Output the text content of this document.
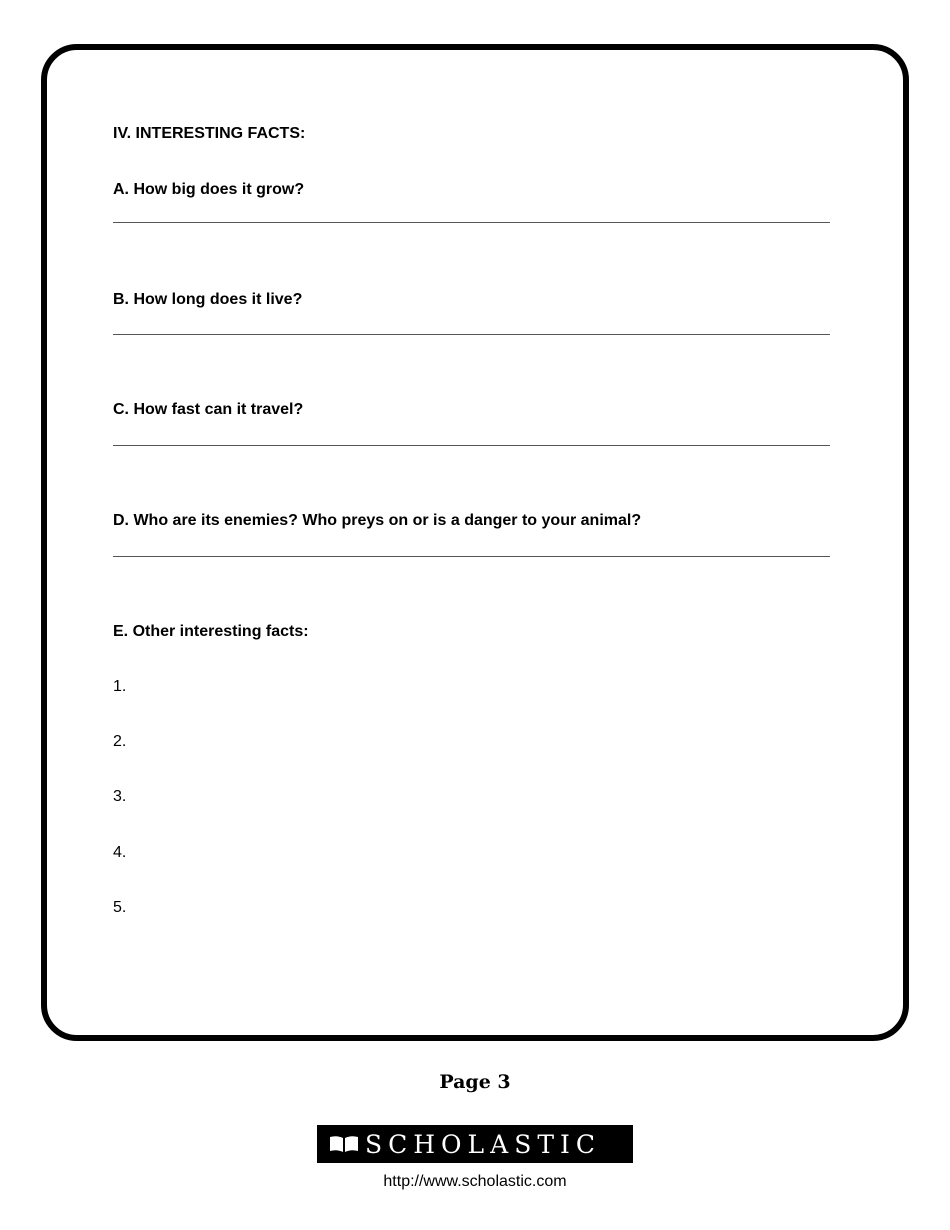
IV. INTERESTING FACTS:
A. How big does it grow?
B. How long does it live?
C. How fast can it travel?
D. Who are its enemies? Who preys on or is a danger to your animal?
E. Other interesting facts:
1.
2.
3.
4.
5.
Page 3
SCHOLASTIC
http://www.scholastic.com
